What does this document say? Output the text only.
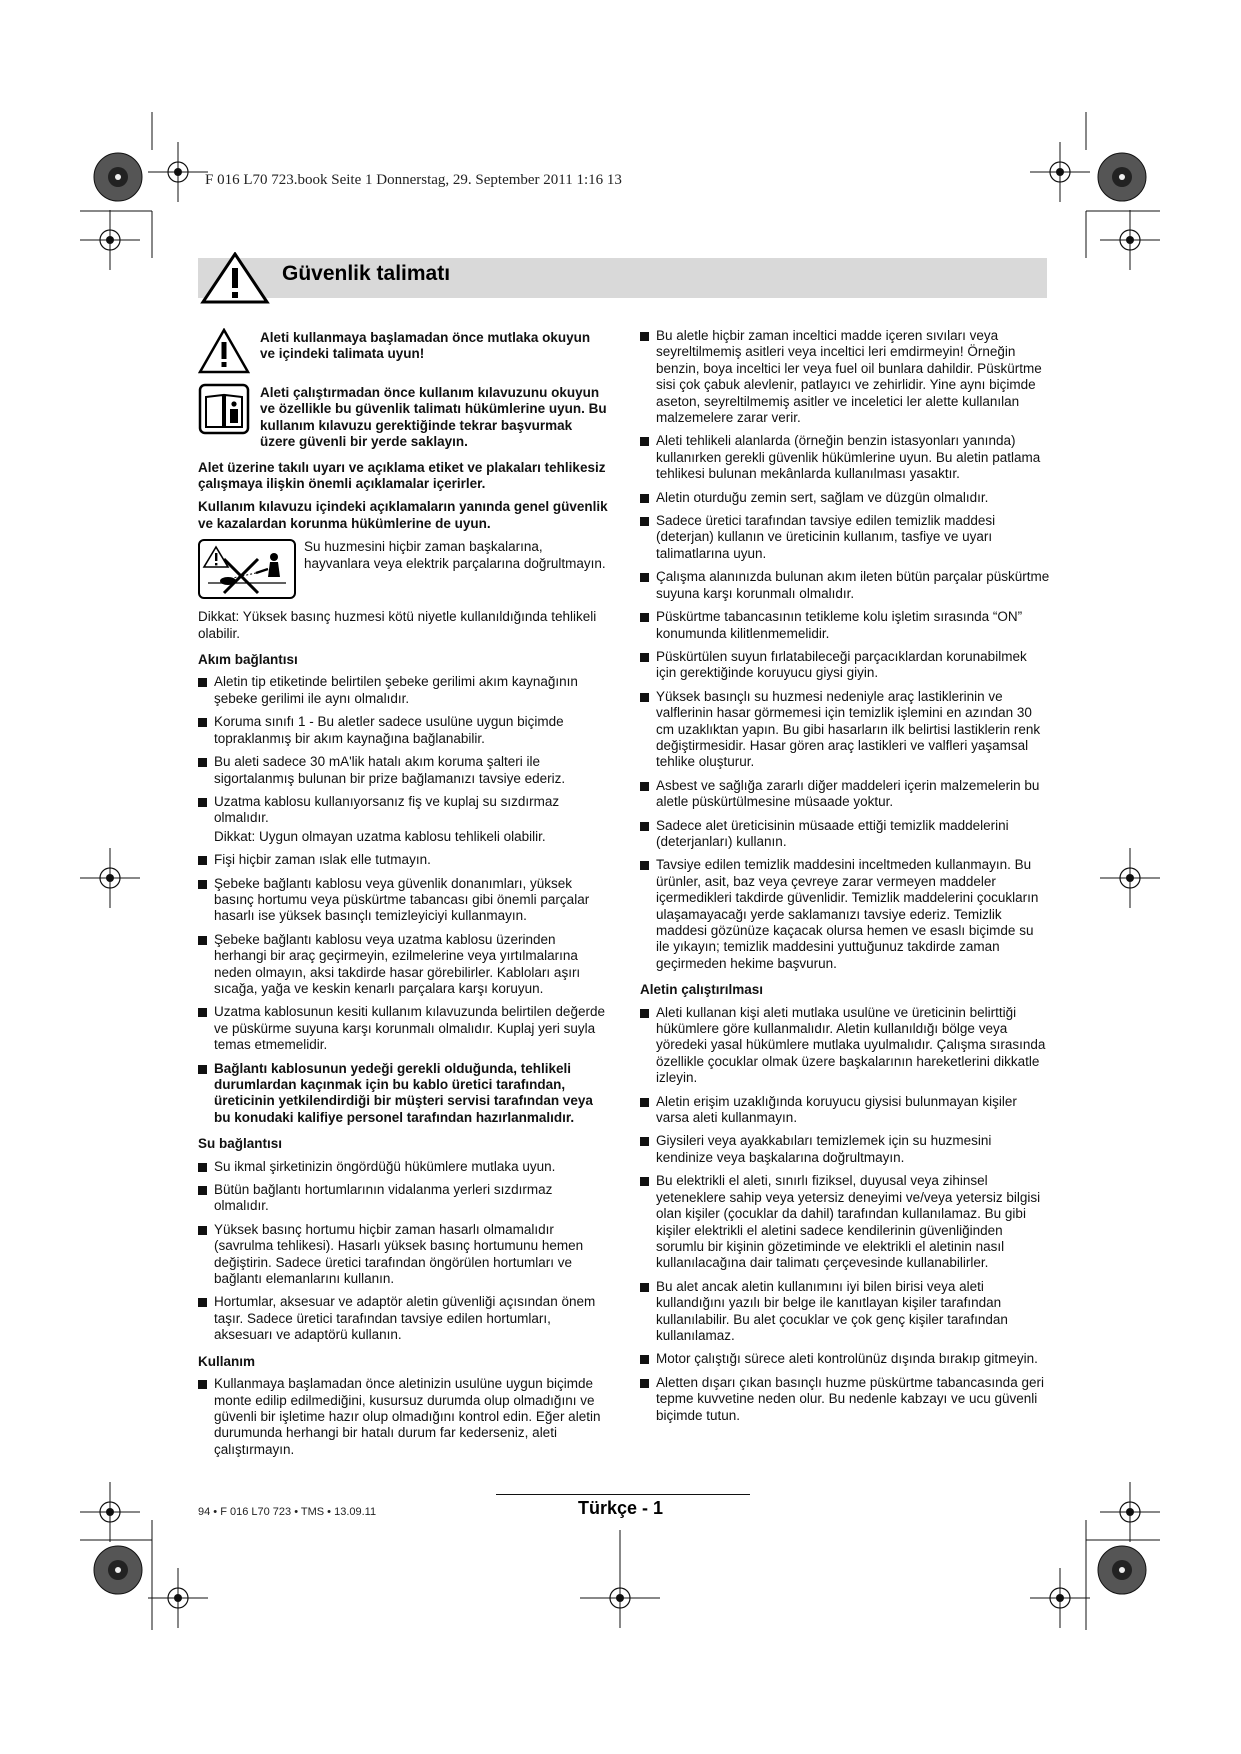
F 016 L70 723.book Seite 1 Donnerstag, 29. September 2011 1:16 13
Güvenlik talimatı
Aleti kullanmaya başlamadan önce mutlaka okuyun ve içindeki talimata uyun!
Aleti çalıştırmadan önce kullanım kılavuzunu okuyun ve özellikle bu güvenlik talimatı hükümlerine uyun. Bu kullanım kılavuzu gerektiğinde tekrar başvurmak üzere güvenli bir yerde saklayın.

Alet üzerine takılı uyarı ve açıklama etiket ve plakaları tehlikesiz çalışmaya ilişkin önemli açıklamalar içerirler.

Kullanım kılavuzu içindeki açıklamaların yanında genel güvenlik ve kazalardan korunma hükümlerine de uyun.

Su huzmesini hiçbir zaman başkalarına, hayvanlara veya elektrik parçalarına doğrultmayın.

Dikkat: Yüksek basınç huzmesi kötü niyetle kullanıldığında tehlikeli olabilir.

Akım bağlantısı
Aletin tip etiketinde belirtilen şebeke gerilimi akım kaynağının şebeke gerilimi ile aynı olmalıdır.
Koruma sınıfı 1 - Bu aletler sadece usulüne uygun biçimde topraklanmış bir akım kaynağına bağlanabilir.
Bu aleti sadece 30 mA'lik hatalı akım koruma şalteri ile sigortalanmış bulunan bir prize bağlamanızı tavsiye ederiz.
Uzatma kablosu kullanıyorsanız fiş ve kuplaj su sızdırmaz olmalıdır.
Dikkat: Uygun olmayan uzatma kablosu tehlikeli olabilir.
Fişi hiçbir zaman ıslak elle tutmayın.
Şebeke bağlantı kablosu veya güvenlik donanımları, yüksek basınç hortumu veya püskürtme tabancası gibi önemli parçalar hasarlı ise yüksek basınçlı temizleyiciyi kullanmayın.
Şebeke bağlantı kablosu veya uzatma kablosu üzerinden herhangi bir araç geçirmeyin, ezilmelerine veya yırtılmalarına neden olmayın, aksi takdirde hasar görebilirler. Kabloları aşırı sıcağa, yağa ve keskin kenarlı parçalara karşı koruyun.
Uzatma kablosunun kesiti kullanım kılavuzunda belirtilen değerde ve püskürme suyuna karşı korunmalı olmalıdır. Kuplaj yeri suyla temas etmemelidir.
Bağlantı kablosunun yedeği gerekli olduğunda, tehlikeli durumlardan kaçınmak için bu kablo üretici tarafından, üreticinin yetkilendirdiği bir müşteri servisi tarafından veya bu konudaki kalifiye personel tarafından hazırlanmalıdır.
Su bağlantısı
Su ikmal şirketinizin öngördüğü hükümlere mutlaka uyun.
Bütün bağlantı hortumlarının vidalanma yerleri sızdırmaz olmalıdır.
Yüksek basınç hortumu hiçbir zaman hasarlı olmamalıdır (savrulma tehlikesi). Hasarlı yüksek basınç hortumunu hemen değiştirin. Sadece üretici tarafından öngörülen hortumları ve bağlantı elemanlarını kullanın.
Hortumlar, aksesuar ve adaptör aletin güvenliği açısından önem taşır. Sadece üretici tarafından tavsiye edilen hortumları, aksesuarı ve adaptörü kullanın.
Kullanım
Kullanmaya başlamadan önce aletinizin usulüne uygun biçimde monte edilip edilmediğini, kusursuz durumda olup olmadığını ve güvenli bir işletime hazır olup olmadığını kontrol edin. Eğer aletin durumunda herhangi bir hatalı durum far kederseniz, aleti çalıştırmayın.
Bu aletle hiçbir zaman inceltici madde içeren sıvıları veya seyreltilmemiş asitleri veya inceltici leri emdirmeyin! Örneğin benzin, boya inceltici ler veya fuel oil bunlara dahildir. Püskürtme sisi çok çabuk alevlenir, patlayıcı ve zehirlidir. Yine aynı biçimde aseton, seyreltilmemiş asitler ve inceletici ler alette kullanılan malzemelere zarar verir.
Aleti tehlikeli alanlarda (örneğin benzin istasyonları yanında) kullanırken gerekli güvenlik hükümlerine uyun. Bu aletin patlama tehlikesi bulunan mekânlarda kullanılması yasaktır.
Aletin oturduğu zemin sert, sağlam ve düzgün olmalıdır.
Sadece üretici tarafından tavsiye edilen temizlik maddesi (deterjan) kullanın ve üreticinin kullanım, tasfiye ve uyarı talimatlarına uyun.
Çalışma alanınızda bulunan akım ileten bütün parçalar püskürtme suyuna karşı korunmalı olmalıdır.
Püskürtme tabancasının tetikleme kolu işletim sırasında “ON” konumunda kilitlenmemelidir.
Püskürtülen suyun fırlatabileceği parçacıklardan korunabilmek için gerektiğinde koruyucu giysi giyin.
Yüksek basınçlı su huzmesi nedeniyle araç lastiklerinin ve valflerinin hasar görmemesi için temizlik işlemini en azından 30 cm uzaklıktan yapın. Bu gibi hasarların ilk belirtisi lastiklerin renk değiştirmesidir. Hasar gören araç lastikleri ve valfleri yaşamsal tehlike oluşturur.
Asbest ve sağlığa zararlı diğer maddeleri içerin malzemelerin bu aletle püskürtülmesine müsaade yoktur.
Sadece alet üreticisinin müsaade ettiği temizlik maddelerini (deterjanları) kullanın.
Tavsiye edilen temizlik maddesini inceltmeden kullanmayın. Bu ürünler, asit, baz veya çevreye zarar vermeyen maddeler içermedikleri takdirde güvenlidir. Temizlik maddelerini çocukların ulaşamayacağı yerde saklamanızı tavsiye ederiz. Temizlik maddesi gözünüze kaçacak olursa hemen ve esaslı biçimde su ile yıkayın; temizlik maddesini yuttuğunuz takdirde zaman geçirmeden hekime başvurun.
Aletin çalıştırılması
Aleti kullanan kişi aleti mutlaka usulüne ve üreticinin belirttiği hükümlere göre kullanmalıdır. Aletin kullanıldığı bölge veya yöredeki yasal hükümlere mutlaka uyulmalıdır. Çalışma sırasında özellikle çocuklar olmak üzere başkalarının hareketlerini dikkatle izleyin.
Aletin erişim uzaklığında koruyucu giysisi bulunmayan kişiler varsa aleti kullanmayın.
Giysileri veya ayakkabıları temizlemek için su huzmesini kendinize veya başkalarına doğrultmayın.
Bu elektrikli el aleti, sınırlı fiziksel, duyusal veya zihinsel yeteneklere sahip veya yetersiz deneyimi ve/veya yetersiz bilgisi olan kişiler (çocuklar da dahil) tarafından kullanılamaz. Bu gibi kişiler elektrikli el aletini sadece kendilerinin güvenliğinden sorumlu bir kişinin gözetiminde ve elektrikli el aletinin nasıl kullanılacağına dair talimatı çerçevesinde kullanabilirler.
Bu alet ancak aletin kullanımını iyi bilen birisi veya aleti kullandığını yazılı bir belge ile kanıtlayan kişiler tarafından kullanılabilir. Bu alet çocuklar ve çok genç kişiler tarafından kullanılamaz.
Motor çalıştığı sürece aleti kontrolünüz dışında bırakıp gitmeyin.
Aletten dışarı çıkan basınçlı huzme püskürtme tabancasında geri tepme kuvvetine neden olur. Bu nedenle kabzayı ve ucu güvenli biçimde tutun.
94 • F 016 L70 723 • TMS • 13.09.11	Türkçe - 1
